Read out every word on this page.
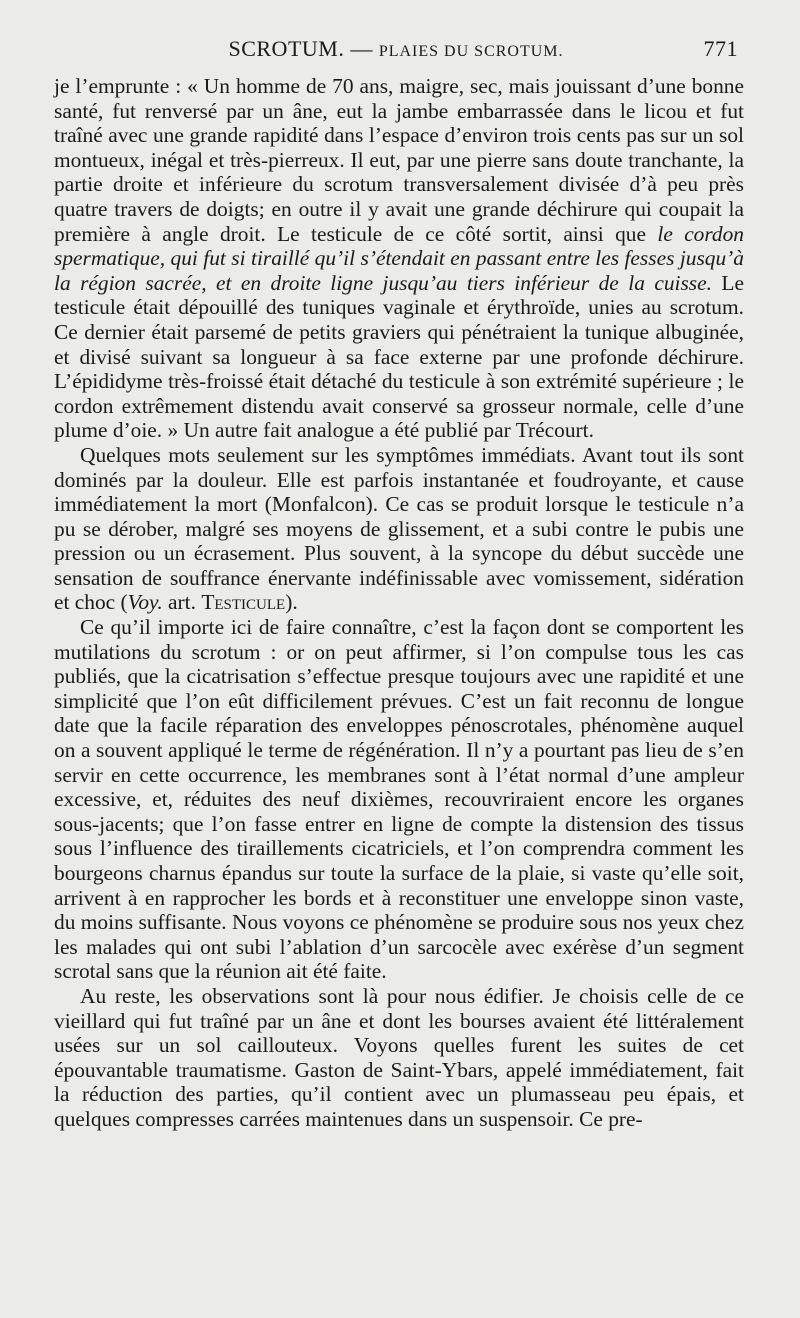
SCROTUM. — PLAIES DU SCROTUM.	771

je l’emprunte : « Un homme de 70 ans, maigre, sec, mais jouissant d’une bonne santé, fut renversé par un âne, eut la jambe embarrassée dans le licou et fut traîné avec une grande rapidité dans l’espace d’environ trois cents pas sur un sol montueux, inégal et très-pierreux. Il eut, par une pierre sans doute tranchante, la partie droite et inférieure du scrotum transversalement divisée d’à peu près quatre travers de doigts; en outre il y avait une grande déchirure qui coupait la première à angle droit. Le testicule de ce côté sortit, ainsi que le cordon spermatique, qui fut si tiraillé qu’il s’étendait en passant entre les fesses jusqu’à la région sacrée, et en droite ligne jusqu’au tiers inférieur de la cuisse. Le testicule était dépouillé des tuniques vaginale et érythroïde, unies au scrotum. Ce dernier était parsemé de petits graviers qui pénétraient la tunique albuginée, et divisé suivant sa longueur à sa face externe par une profonde déchirure. L’épididyme très-froissé était détaché du testicule à son extrémité supérieure ; le cordon extrêmement distendu avait conservé sa grosseur normale, celle d’une plume d’oie. » Un autre fait analogue a été publié par Trécourt.

Quelques mots seulement sur les symptômes immédiats. Avant tout ils sont dominés par la douleur. Elle est parfois instantanée et foudroyante, et cause immédiatement la mort (Monfalcon). Ce cas se produit lorsque le testicule n’a pu se dérober, malgré ses moyens de glissement, et a subi contre le pubis une pression ou un écrasement. Plus souvent, à la syncope du début succède une sensation de souffrance énervante indéfinissable avec vomissement, sidération et choc (Voy. art. Testicule).

Ce qu’il importe ici de faire connaître, c’est la façon dont se comportent les mutilations du scrotum : or on peut affirmer, si l’on compulse tous les cas publiés, que la cicatrisation s’effectue presque toujours avec une rapidité et une simplicité que l’on eût difficilement prévues. C’est un fait reconnu de longue date que la facile réparation des enveloppes pénoscrotales, phénomène auquel on a souvent appliqué le terme de régénération. Il n’y a pourtant pas lieu de s’en servir en cette occurrence, les membranes sont à l’état normal d’une ampleur excessive, et, réduites des neuf dixièmes, recouvriraient encore les organes sous-jacents; que l’on fasse entrer en ligne de compte la distension des tissus sous l’influence des tiraillements cicatriciels, et l’on comprendra comment les bourgeons charnus épandus sur toute la surface de la plaie, si vaste qu’elle soit, arrivent à en rapprocher les bords et à reconstituer une enveloppe sinon vaste, du moins suffisante. Nous voyons ce phénomène se produire sous nos yeux chez les malades qui ont subi l’ablation d’un sarcocèle avec exérèse d’un segment scrotal sans que la réunion ait été faite.

Au reste, les observations sont là pour nous édifier. Je choisis celle de ce vieillard qui fut traîné par un âne et dont les bourses avaient été littéralement usées sur un sol caillouteux. Voyons quelles furent les suites de cet épouvantable traumatisme. Gaston de Saint-Ybars, appelé immédiatement, fait la réduction des parties, qu’il contient avec un plumasseau peu épais, et quelques compresses carrées maintenues dans un suspensoir. Ce pre-
